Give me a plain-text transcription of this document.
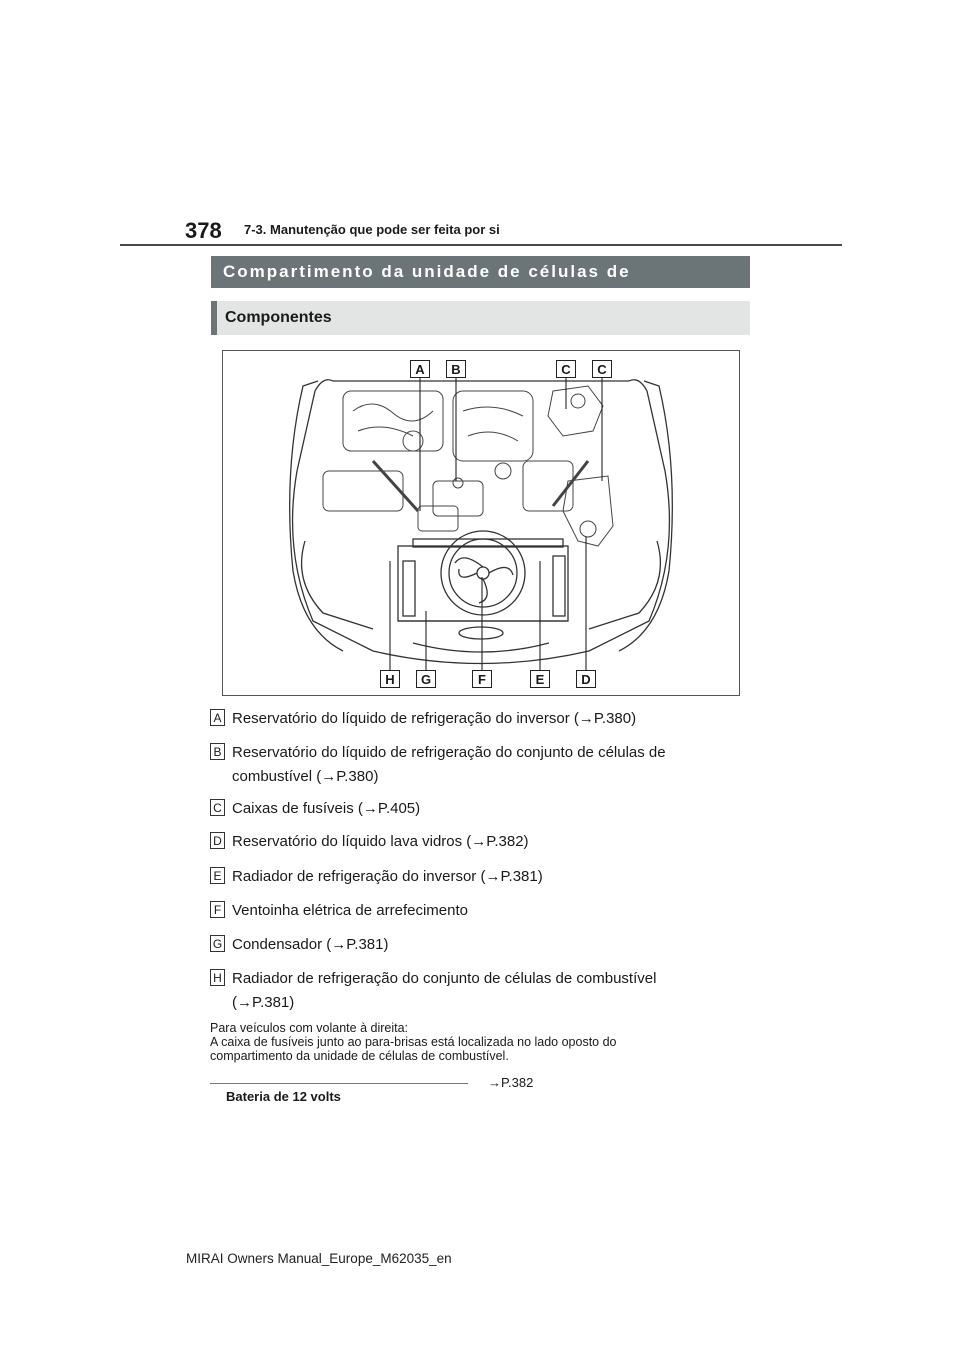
378 7-3. Manutenção que pode ser feita por si
Compartimento da unidade de células de
Componentes
A	B	C	C
H	G	F	E	D
A Reservatório do líquido de refrigeração do inversor (→P.380)
B Reservatório do líquido de refrigeração do conjunto de células de
combustível (→P.380)
C Caixas de fusíveis (→P.405)
D Reservatório do líquido lava vidros (→P.382)
E Radiador de refrigeração do inversor (→P.381)
F Ventoinha elétrica de arrefecimento
G Condensador (→P.381)
H Radiador de refrigeração do conjunto de células de combustível
(→P.381)
Para veículos com volante à direita:
A caixa de fusíveis junto ao para-brisas está localizada no lado oposto do
compartimento da unidade de células de combustível.
Bateria de 12 volts
→P.382
MIRAI Owners Manual_Europe_M62035_en
